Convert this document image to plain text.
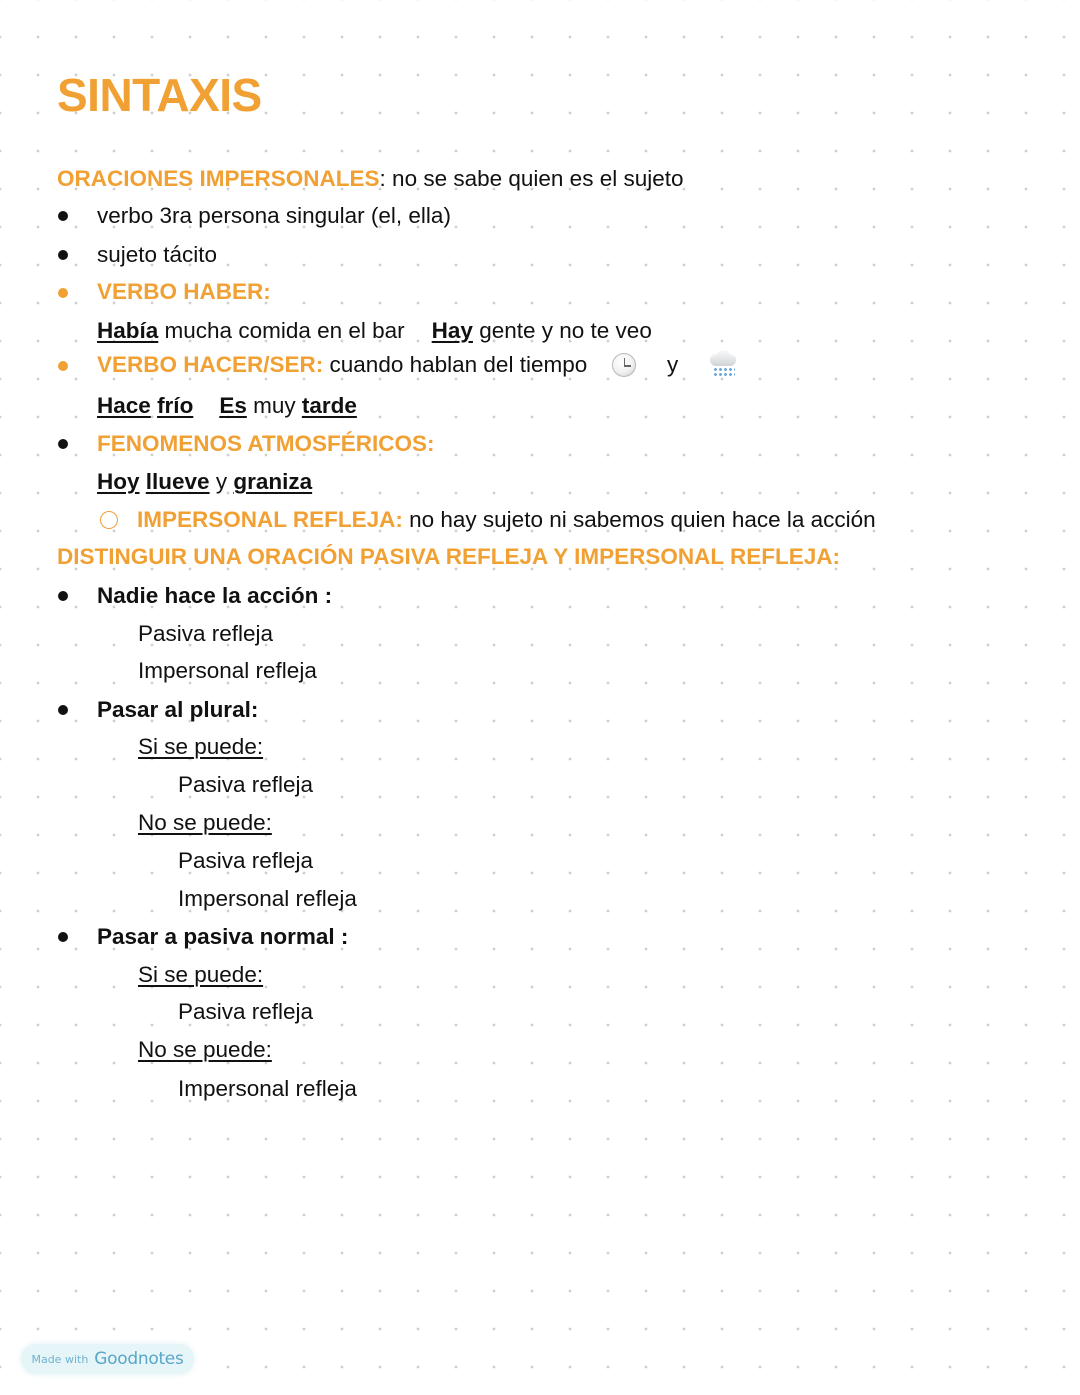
SINTAXIS
ORACIONES IMPERSONALES: no se sabe quien es el sujeto
verbo 3ra persona singular (el, ella)
sujeto tácito
VERBO HABER:
Había mucha comida en el bar Hay gente y no te veo
VERBO HACER/SER: cuando hablan del tiempo	y
Hace frío Es muy tarde
FENOMENOS ATMOSFÉRICOS:
Hoy llueve y graniza
IMPERSONAL REFLEJA: no hay sujeto ni sabemos quien hace la acción
DISTINGUIR UNA ORACIÓN PASIVA REFLEJA Y IMPERSONAL REFLEJA:
Nadie hace la acción :
Pasiva refleja
Impersonal refleja
Pasar al plural:
Si se puede:
Pasiva refleja
No se puede:
Pasiva refleja
Impersonal refleja
Pasar a pasiva normal :
Si se puede:
Pasiva refleja
No se puede:
Impersonal refleja
Made with Goodnotes
